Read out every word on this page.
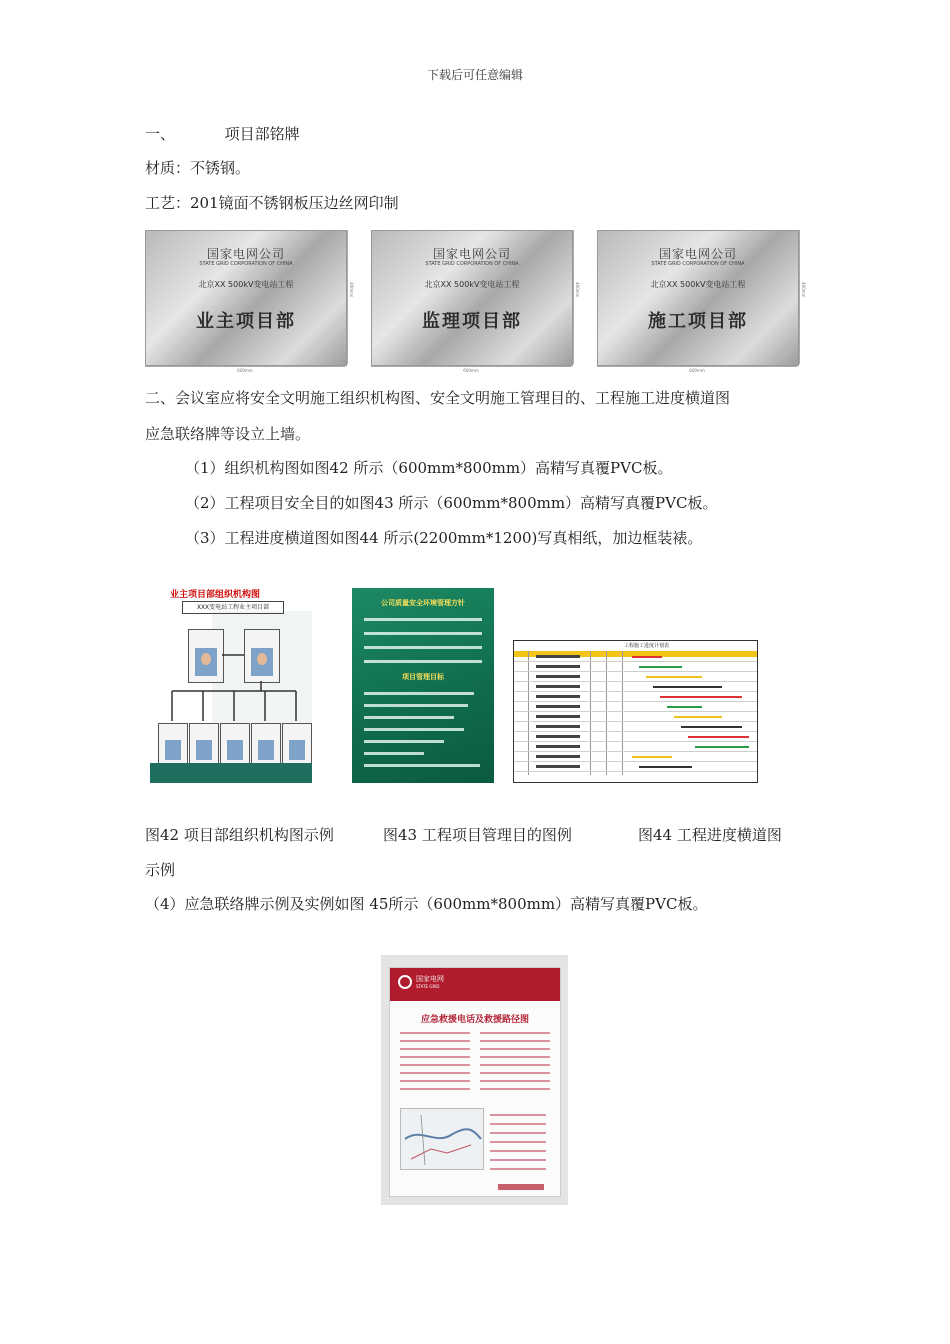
下载后可任意编辑
一、	项目部铭牌
材质：不锈钢。
工艺：201镜面不锈钢板压边丝网印制
国家电网公司
STATE GRID CORPORATION OF CHINA
北京XX 500kV变电站工程
业主项目部
400mm
600mm
国家电网公司
STATE GRID CORPORATION OF CHINA
北京XX 500kV变电站工程
监理项目部
400mm
600mm
国家电网公司
STATE GRID CORPORATION OF CHINA
北京XX 500kV变电站工程
施工项目部
400mm
600mm
二、会议室应将安全文明施工组织机构图、安全文明施工管理目的、工程施工进度横道图
应急联络牌等设立上墙。
（1）组织机构图如图42 所示（600mm*800mm）高精写真覆PVC板。
（2）工程项目安全目的如图43 所示（600mm*800mm）高精写真覆PVC板。
（3）工程进度横道图如图44 所示(2200mm*1200)写真相纸，加边框装裱。
业主项目部组织机构图
XXX变电站工程业主项目部
公司质量安全环境管理方针
项目管理目标
工程施工进度计划表
图42 项目部组织机构图示例	图43 工程项目管理目的图例	图44 工程进度横道图
示例
（4）应急联络牌示例及实例如图 45所示（600mm*800mm）高精写真覆PVC板。
国家电网
STATE GRID
应急救援电话及救援路径图
